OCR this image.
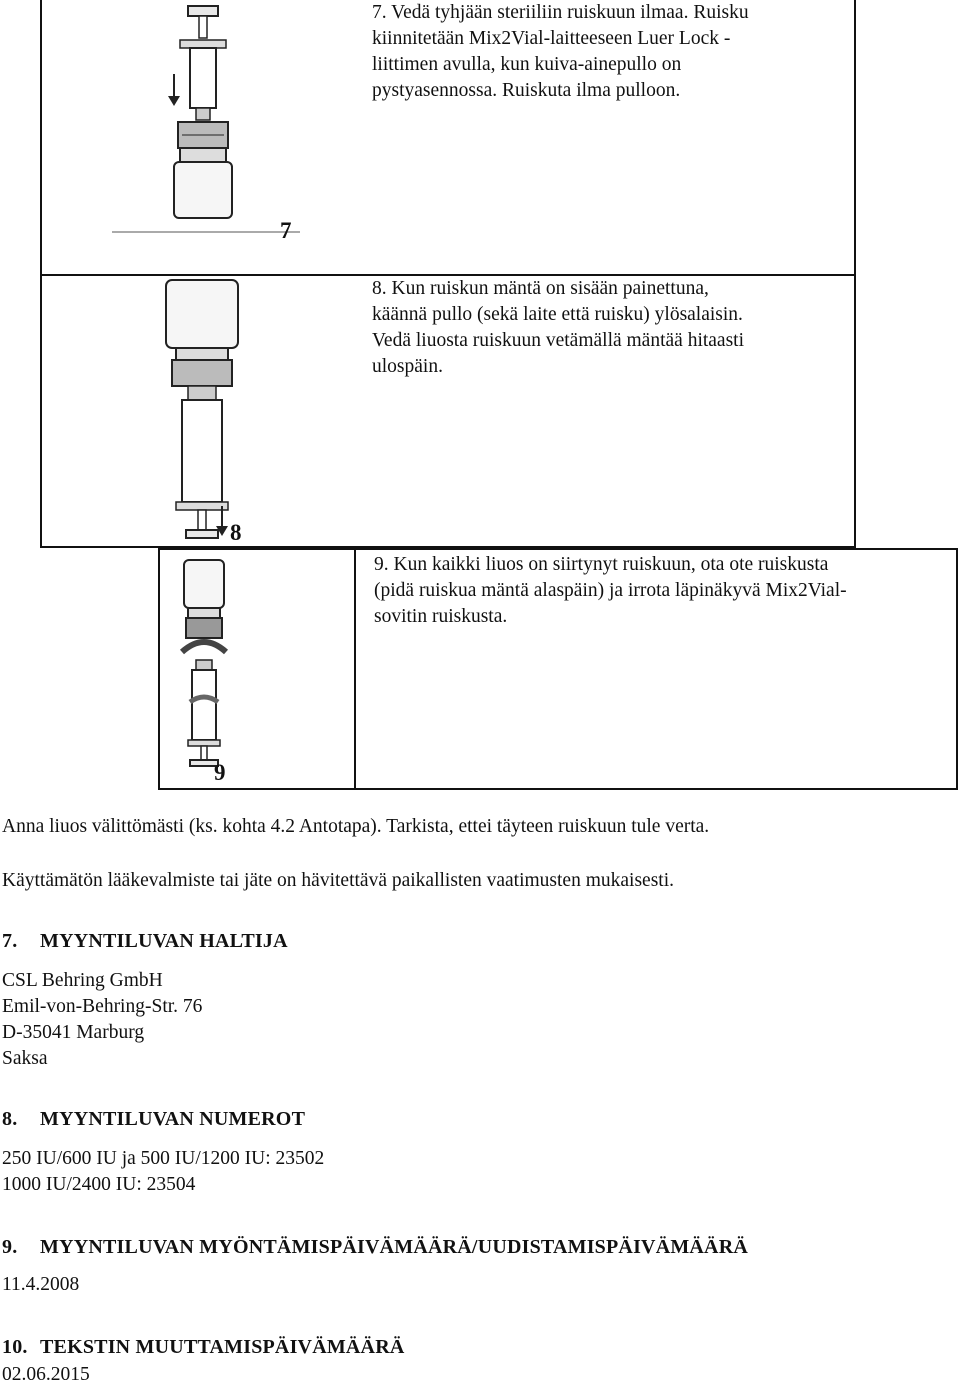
7
7. Vedä tyhjään steriiliin ruiskuun ilmaa. Ruisku
kiinnitetään Mix2Vial-laitteeseen Luer Lock -
liittimen avulla, kun kuiva-ainepullo on
pystyasennossa. Ruiskuta ilma pulloon.
8
8. Kun ruiskun mäntä on sisään painettuna,
käännä pullo (sekä laite että ruisku) ylösalaisin.
Vedä liuosta ruiskuun vetämällä mäntää hitaasti
ulospäin.
9
9. Kun kaikki liuos on siirtynyt ruiskuun, ota ote ruiskusta
(pidä ruiskua mäntä alaspäin) ja irrota läpinäkyvä Mix2Vial-
sovitin ruiskusta.
Anna liuos välittömästi (ks. kohta 4.2 Antotapa). Tarkista, ettei täyteen ruiskuun tule verta.
Käyttämätön lääkevalmiste tai jäte on hävitettävä paikallisten vaatimusten mukaisesti.
7. MYYNTILUVAN HALTIJA
CSL Behring GmbH
Emil-von-Behring-Str. 76
D-35041 Marburg
Saksa
8. MYYNTILUVAN NUMEROT
250 IU/600 IU ja 500 IU/1200 IU: 23502
1000 IU/2400 IU: 23504
9. MYYNTILUVAN MYÖNTÄMISPÄIVÄMÄÄRÄ/UUDISTAMISPÄIVÄMÄÄRÄ
11.4.2008
10. TEKSTIN MUUTTAMISPÄIVÄMÄÄRÄ
02.06.2015
